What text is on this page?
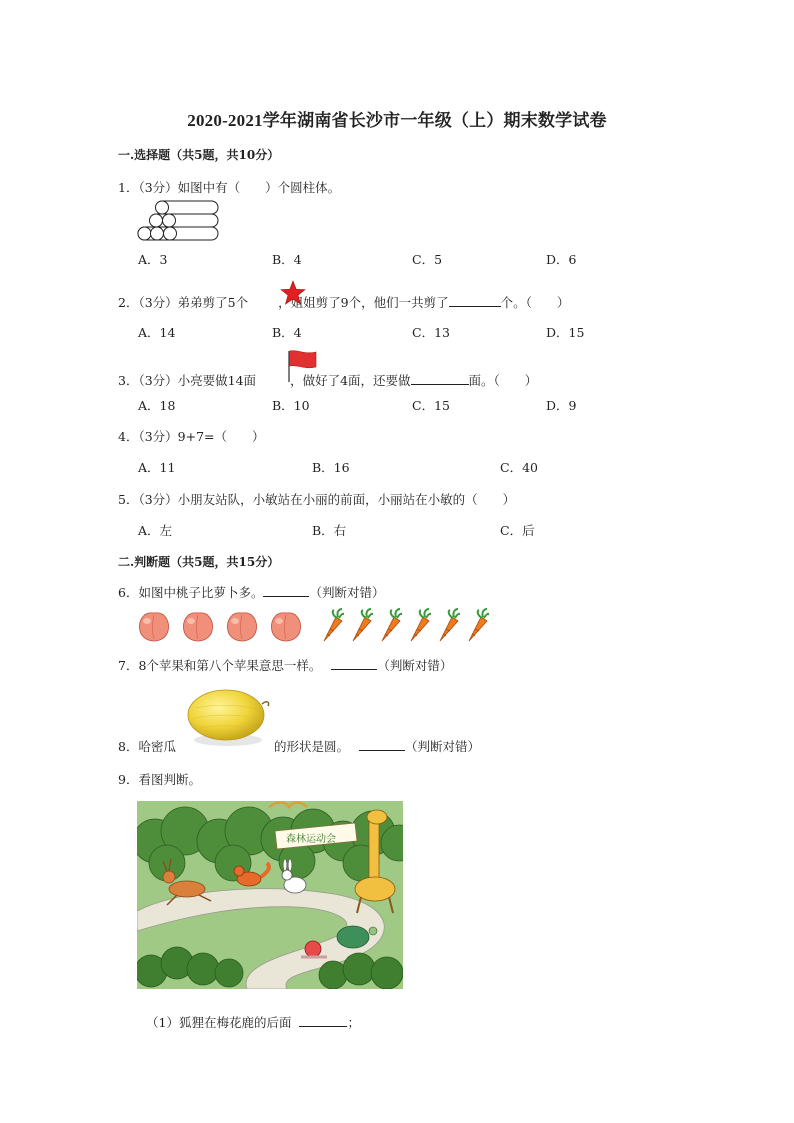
2020-2021学年湖南省长沙市一年级（上）期末数学试卷
一.选择题（共5题，共10分）
1．（3分）如图中有（　　）个圆柱体。
A．3	B．4	C．5	D．6
2．（3分）弟弟剪了5个 ，姐姐剪了9个，他们一共剪了	个。（　　）
A．14	B．4	C．13	D．15
3．（3分）小亮要做14面	，做好了4面，还要做	面。（　　）
A．18	B．10	C．15	D．9
4．（3分）9+7=（　　）
A．11	B．16	C．40
5．（3分）小朋友站队，小敏站在小丽的前面，小丽站在小敏的（　　）
A．左	B．右	C．后
二.判断题（共5题，共15分）
6．如图中桃子比萝卜多。	（判断对错）
7．8个苹果和第八个苹果意思一样。	（判断对错）
8．哈密瓜	的形状是圆。	（判断对错）
9．看图判断。
森林运动会
（1）狐狸在梅花鹿的后面	；
